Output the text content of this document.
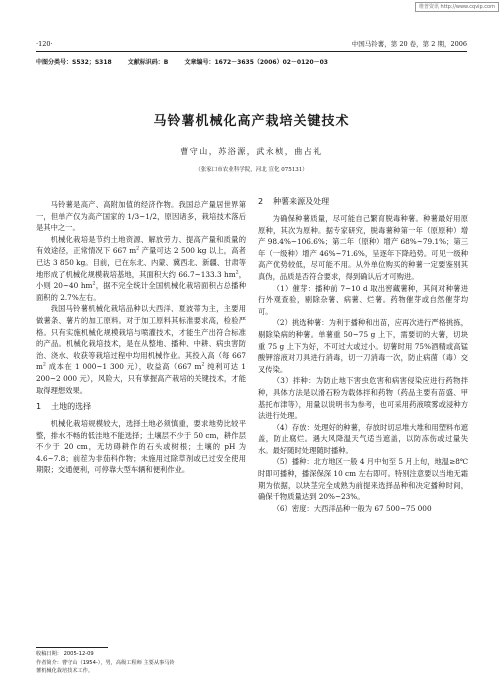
维普资讯 http://www.cqvip.com
·120·	中国马铃薯，第 20 卷，第 2 期，2006
中图分类号：S532；S318	文献标识码：B	文章编号：1672－3635（2006）02－0120－03
马铃薯机械化高产栽培关键技术
曹守山，苏浴源，武永桢，曲占礼
（张家口市农业科学院，河北 宣化 075131）

马铃薯是高产、高附加值的经济作物。我国总产量居世界第一，但单产仅为高产国家的 1/3~1/2，原因诸多，栽培技术落后是其中之一。

机械化栽培是节约土地资源、解放劳力、提高产量和质量的有效途径，正常情况下 667 $m^2$ 产量可达 2 500 kg 以上，高者已达 3 850 kg。目前，已在东北、内蒙、冀西北、新疆、甘肃等地形成了机械化规模栽培基地，其面积大约 66.7~133.3 $hm^2$，小则 20~40 $hm^2$，据不完全统计全国机械化栽培面积占总播种面积的 2.7%左右。

我国马铃薯机械化栽培品种以大西洋、夏波蒂为主，主要用做薯条、薯片的加工原料。对于加工原料其标准要求高，检验严格。只有实施机械化规模栽培与喷灌技术，才能生产出符合标准的产品。机械化栽培技术，是在从整地、播种、中耕、病虫害防治、浇水、收获等栽培过程中均用机械作业。其投入高（每 667 $m^2$ 成本在 1 000~1 300 元），收益高（667 $m^2$ 纯利可达 1 200~2 000 元），风险大，只有掌握高产栽培的关键技术，才能取得理想效果。

1 土地的选择

机械化栽培规模较大，选择土地必须慎重，要求地势比较平整，排水不畅的低洼地不能选择；土壤层不少于 50 cm，耕作层不少于 20 cm，无坊碍耕作的石头或树根；土壤的 pH 为 4.6~7.8；前茬为非茄科作物；未施用过除草剂或已过安全使用期限；交通便利，可停靠大型车辆和便利作业。

收稿日期： 2005-12-09
作者简介：曹守山（1954-），男，高级工程师 主要从事马铃
薯机械化栽培技术工作。
2 种薯来源及处理

为确保种薯质量，尽可能自己繁育脱毒种薯。种薯最好用原原种，其次为原种。据专家研究，脱毒薯种第一年（原原种）增产 98.4%~106.6%；第二年（原种）增产 68%~79.1%；第三年（一级种）增产 46%~71.6%，呈逐年下降趋势。可见一级种高产优势较低，尽可能不用。从外单位购买的种薯一定要鉴别其真伪，品质是否符合要求，得到确认后才可购进。

（1）催芽：播种前 7~10 d 取出窖藏薯种，其间对种薯进行外观查验，剔除杂薯、病薯、烂薯。药物催芽或自然催芽均可。

（2）挑选种薯：为利于播种和出苗，应再次进行严格挑拣，剔除染病的种薯。单薯重 50~75 g 上下，需要切的大薯，切块重 75 g 上下为好，不可过大或过小。切薯时用 75%酒精或高锰酸钾溶液对刀具进行消毒，切一刀消毒一次，防止病菌（毒）交叉传染。

（3）拌种：为防止地下害虫危害和病害侵染应进行药物拌种，具体方法是以滑石粉为载体拌和药物（药品主要有苗盛、甲基托布津等），用量以说明书为参考，也可采用药液喷雾或浸种方法进行处理。

（4）存放：处理好的种薯，存放时切忌堆大堆和用塑料布遮盖，防止腐烂。遇大风降温天气适当遮盖，以防冻伤或过量失水。最好随时处理随时播种。

（5）播种：北方地区一般 4 月中旬至 5 月上旬，地温≥8℃时即可播种，播深保深 10 cm 左右即可。特别注意要以当地无霜期为依据，以块茎完全成熟为前提来选择品种和决定播种时间，确保千物质量达到 20%~23%。

（6）密度：大西洋品种一般为 67 500~75 000
